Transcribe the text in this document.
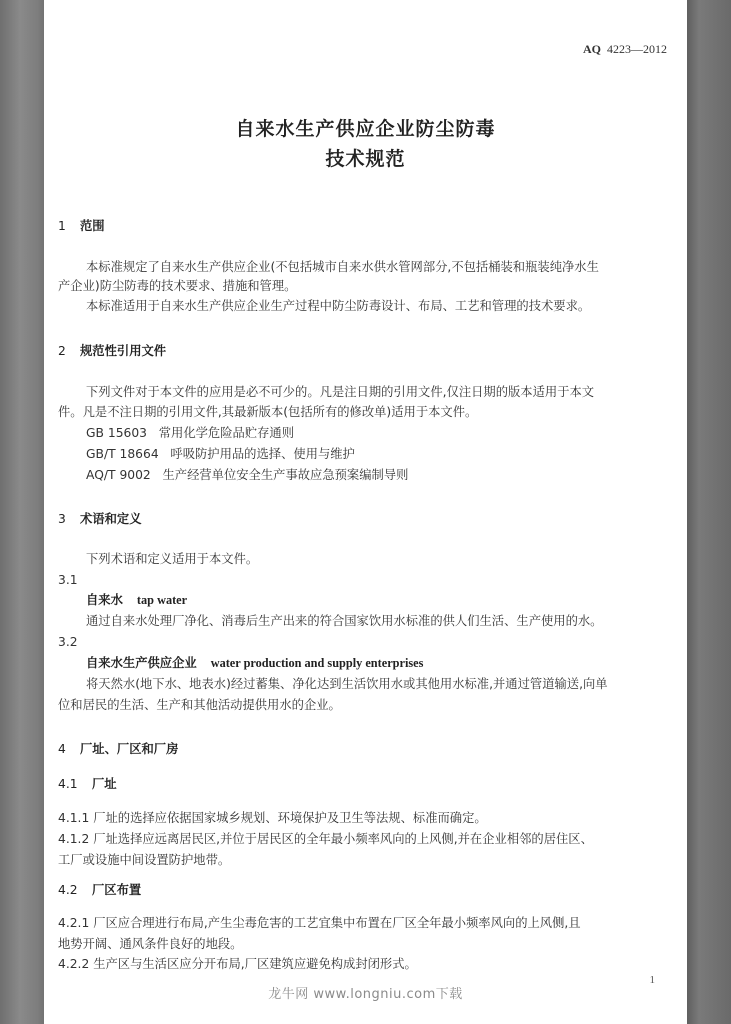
AQ 4223—2012
自来水生产供应企业防尘防毒
技术规范
1 范围
本标准规定了自来水生产供应企业(不包括城市自来水供水管网部分,不包括桶装和瓶装纯净水生
产企业)防尘防毒的技术要求、措施和管理。
本标准适用于自来水生产供应企业生产过程中防尘防毒设计、布局、工艺和管理的技术要求。
2 规范性引用文件
下列文件对于本文件的应用是必不可少的。凡是注日期的引用文件,仅注日期的版本适用于本文
件。凡是不注日期的引用文件,其最新版本(包括所有的修改单)适用于本文件。
GB 15603 常用化学危险品贮存通则
GB/T 18664 呼吸防护用品的选择、使用与维护
AQ/T 9002 生产经营单位安全生产事故应急预案编制导则
3 术语和定义
下列术语和定义适用于本文件。
3.1
自来水 tap water
通过自来水处理厂净化、消毒后生产出来的符合国家饮用水标准的供人们生活、生产使用的水。
3.2
自来水生产供应企业 water production and supply enterprises
将天然水(地下水、地表水)经过蓄集、净化达到生活饮用水或其他用水标准,并通过管道输送,向单
位和居民的生活、生产和其他活动提供用水的企业。
4 厂址、厂区和厂房
4.1 厂址
4.1.1 厂址的选择应依据国家城乡规划、环境保护及卫生等法规、标准而确定。
4.1.2 厂址选择应远离居民区,并位于居民区的全年最小频率风向的上风侧,并在企业相邻的居住区、
工厂或设施中间设置防护地带。
4.2 厂区布置
4.2.1 厂区应合理进行布局,产生尘毒危害的工艺宜集中布置在厂区全年最小频率风向的上风侧,且
地势开阔、通风条件良好的地段。
4.2.2 生产区与生活区应分开布局,厂区建筑应避免构成封闭形式。
1
龙牛网 www.longniu.com下载
